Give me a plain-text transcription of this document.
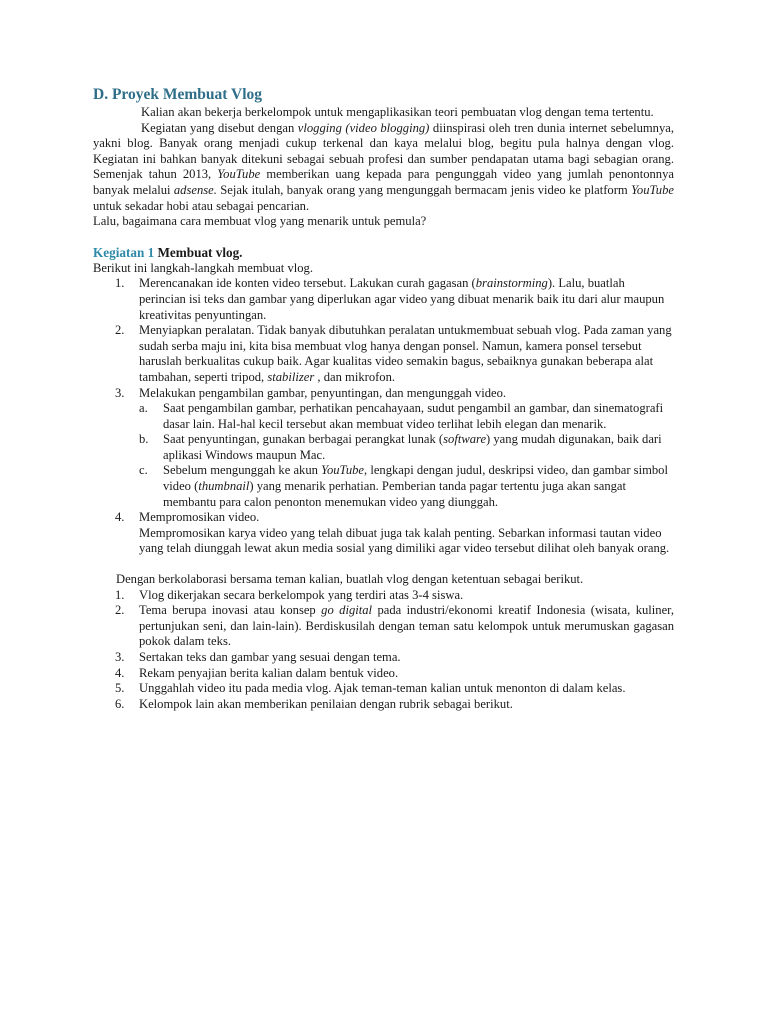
D. Proyek Membuat Vlog

Kalian akan bekerja berkelompok untuk mengaplikasikan teori pembuatan vlog dengan tema tertentu.

Kegiatan yang disebut dengan vlogging (video blogging) diinspirasi oleh tren dunia internet sebelumnya, yakni blog. Banyak orang menjadi cukup terkenal dan kaya melalui blog, begitu pula halnya dengan vlog. Kegiatan ini bahkan banyak ditekuni sebagai sebuah profesi dan sumber pendapatan utama bagi sebagian orang. Semenjak tahun 2013, YouTube memberikan uang kepada para pengunggah video yang jumlah penontonnya banyak melalui adsense. Sejak itulah, banyak orang yang mengunggah bermacam jenis video ke platform YouTube untuk sekadar hobi atau sebagai pencarian.

Lalu, bagaimana cara membuat vlog yang menarik untuk pemula?

Kegiatan 1 Membuat vlog.

Berikut ini langkah-langkah membuat vlog.

1.	Merencanakan ide konten video tersebut. Lakukan curah gagasan (brainstorming). Lalu, buatlah perincian isi teks dan gambar yang diperlukan agar video yang dibuat menarik baik itu dari alur maupun kreativitas penyuntingan.
2.	Menyiapkan peralatan. Tidak banyak dibutuhkan peralatan untukmembuat sebuah vlog. Pada zaman yang sudah serba maju ini, kita bisa membuat vlog hanya dengan ponsel. Namun, kamera ponsel tersebut haruslah berkualitas cukup baik. Agar kualitas video semakin bagus, sebaiknya gunakan beberapa alat tambahan, seperti tripod, stabilizer , dan mikrofon.
3.	Melakukan pengambilan gambar, penyuntingan, dan mengunggah video.
a. Saat pengambilan gambar, perhatikan pencahayaan, sudut pengambil an gambar, dan sinematografi dasar lain. Hal-hal kecil tersebut akan membuat video terlihat lebih elegan dan menarik.
b. Saat penyuntingan, gunakan berbagai perangkat lunak (software) yang mudah digunakan, baik dari aplikasi Windows maupun Mac.
c. Sebelum mengunggah ke akun YouTube, lengkapi dengan judul, deskripsi video, dan gambar simbol video (thumbnail) yang menarik perhatian. Pemberian tanda pagar tertentu juga akan sangat membantu para calon penonton menemukan video yang diunggah.
4.	Mempromosikan video.
Mempromosikan karya video yang telah dibuat juga tak kalah penting. Sebarkan informasi tautan video yang telah diunggah lewat akun media sosial yang dimiliki agar video tersebut dilihat oleh banyak orang.

Dengan berkolaborasi bersama teman kalian, buatlah vlog dengan ketentuan sebagai berikut.

1.	Vlog dikerjakan secara berkelompok yang terdiri atas 3-4 siswa.
2.	Tema berupa inovasi atau konsep go digital pada industri/ekonomi kreatif Indonesia (wisata, kuliner, pertunjukan seni, dan lain-lain). Berdiskusilah dengan teman satu kelompok untuk merumuskan gagasan pokok dalam teks.
3.	Sertakan teks dan gambar yang sesuai dengan tema.
4.	Rekam penyajian berita kalian dalam bentuk video.
5.	Unggahlah video itu pada media vlog. Ajak teman-teman kalian untuk menonton di dalam kelas.
6.	Kelompok lain akan memberikan penilaian dengan rubrik sebagai berikut.
